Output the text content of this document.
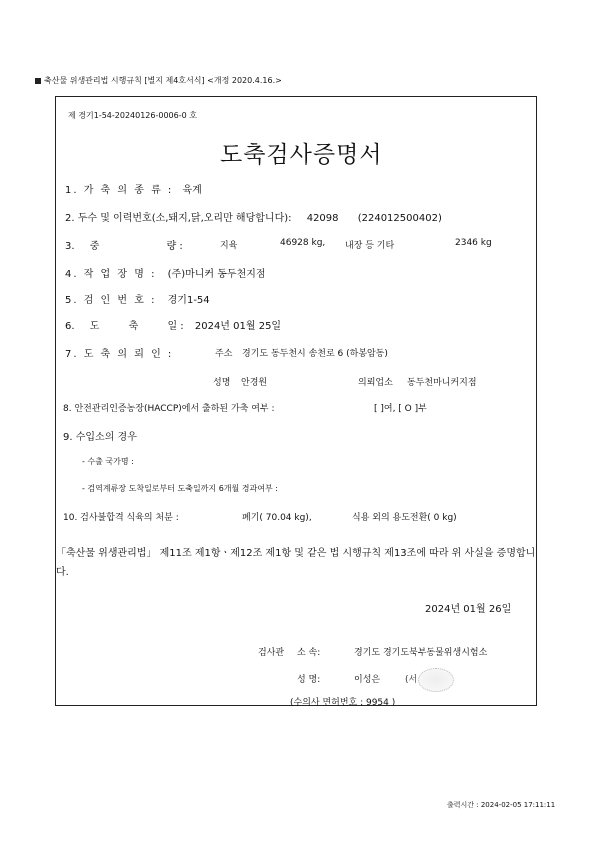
축산물 위생관리법 시행규칙 [별지 제4호서식] <개정 2020.4.16.>
제 경기1-54-20240126-0006-0 호
도축검사증명서
1. 가 축 의 종 류 : 육계
2. 두수 및 이력번호(소,돼지,닭,오리만 해당합니다): 42098 (224012500402)
3. 중	량 :	지육	46928 kg, 내장 등 기타	2346 kg
4. 작 업 장 명 : (주)마니커 동두천지점
5. 검 인 번 호 : 경기1-54
6. 도	축	일 : 2024년 01월 25일
7. 도 축 의 뢰 인 :	주소 경기도 동두천시 송천로 6 (하봉암동)
성명 안경원	의뢰업소 동두천마니커지점
8. 안전관리인증농장(HACCP)에서 출하된 가축 여부 :	[ ]여, [ O ]부
9. 수입소의 경우
- 수출 국가명 :
- 검역계류장 도착일로부터 도축일까지 6개월 경과여부 :
10. 검사불합격 식육의 처분 :	폐기( 70.04 kg),	식용 외의 용도전환( 0 kg)
「축산물 위생관리법」 제11조 제1항ㆍ제12조 제1항 및 같은 법 시행규칙 제13조에 따라 위 사실을 증명합니다.
2024년 01월 26일
검사관 소 속:	경기도 경기도북부동물위생시험소
성 명:	이성은	(서
(수의사 면허번호 : 9954 )
출력시간 : 2024-02-05 17:11:11
